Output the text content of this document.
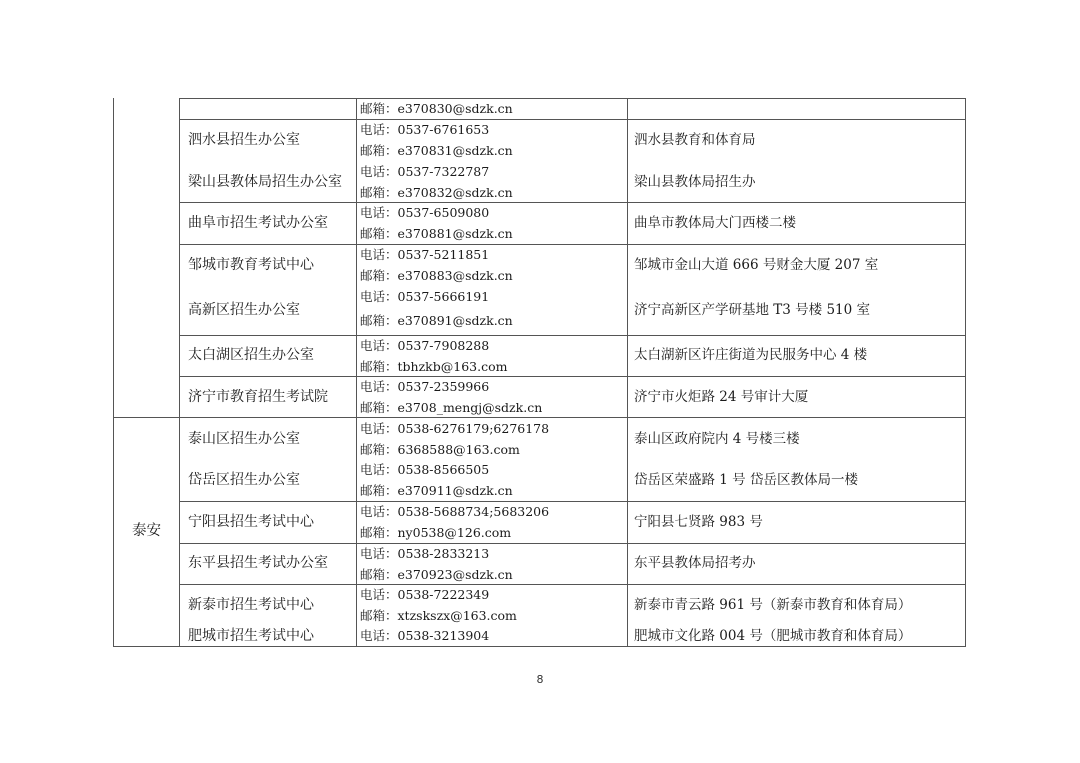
泰安
邮箱：e370830@sdzk.cn
泗水县招生办公室
电话：0537-6761653
邮箱：e370831@sdzk.cn
泗水县教育和体育局
梁山县教体局招生办公室
电话：0537-7322787
邮箱：e370832@sdzk.cn
梁山县教体局招生办
曲阜市招生考试办公室
电话：0537-6509080
邮箱：e370881@sdzk.cn
曲阜市教体局大门西楼二楼
邹城市教育考试中心
电话：0537-5211851
邮箱：e370883@sdzk.cn
邹城市金山大道 666 号财金大厦 207 室
高新区招生办公室
电话：0537-5666191
邮箱：e370891@sdzk.cn
济宁高新区产学研基地 T3 号楼 510 室
太白湖区招生办公室
电话：0537-7908288
邮箱：tbhzkb@163.com
太白湖新区许庄街道为民服务中心 4 楼
济宁市教育招生考试院
电话：0537-2359966
邮箱：e3708_mengj@sdzk.cn
济宁市火炬路 24 号审计大厦
泰山区招生办公室
电话：0538-6276179;6276178
邮箱：6368588@163.com
泰山区政府院内 4 号楼三楼
岱岳区招生办公室
电话：0538-8566505
邮箱：e370911@sdzk.cn
岱岳区荣盛路 1 号 岱岳区教体局一楼
宁阳县招生考试中心
电话：0538-5688734;5683206
邮箱：ny0538@126.com
宁阳县七贤路 983 号
东平县招生考试办公室
电话：0538-2833213
邮箱：e370923@sdzk.cn
东平县教体局招考办
新泰市招生考试中心
电话：0538-7222349
邮箱：xtzskszx@163.com
新泰市青云路 961 号（新泰市教育和体育局）
肥城市招生考试中心	电话：0538-3213904	肥城市文化路 004 号（肥城市教育和体育局）
8
